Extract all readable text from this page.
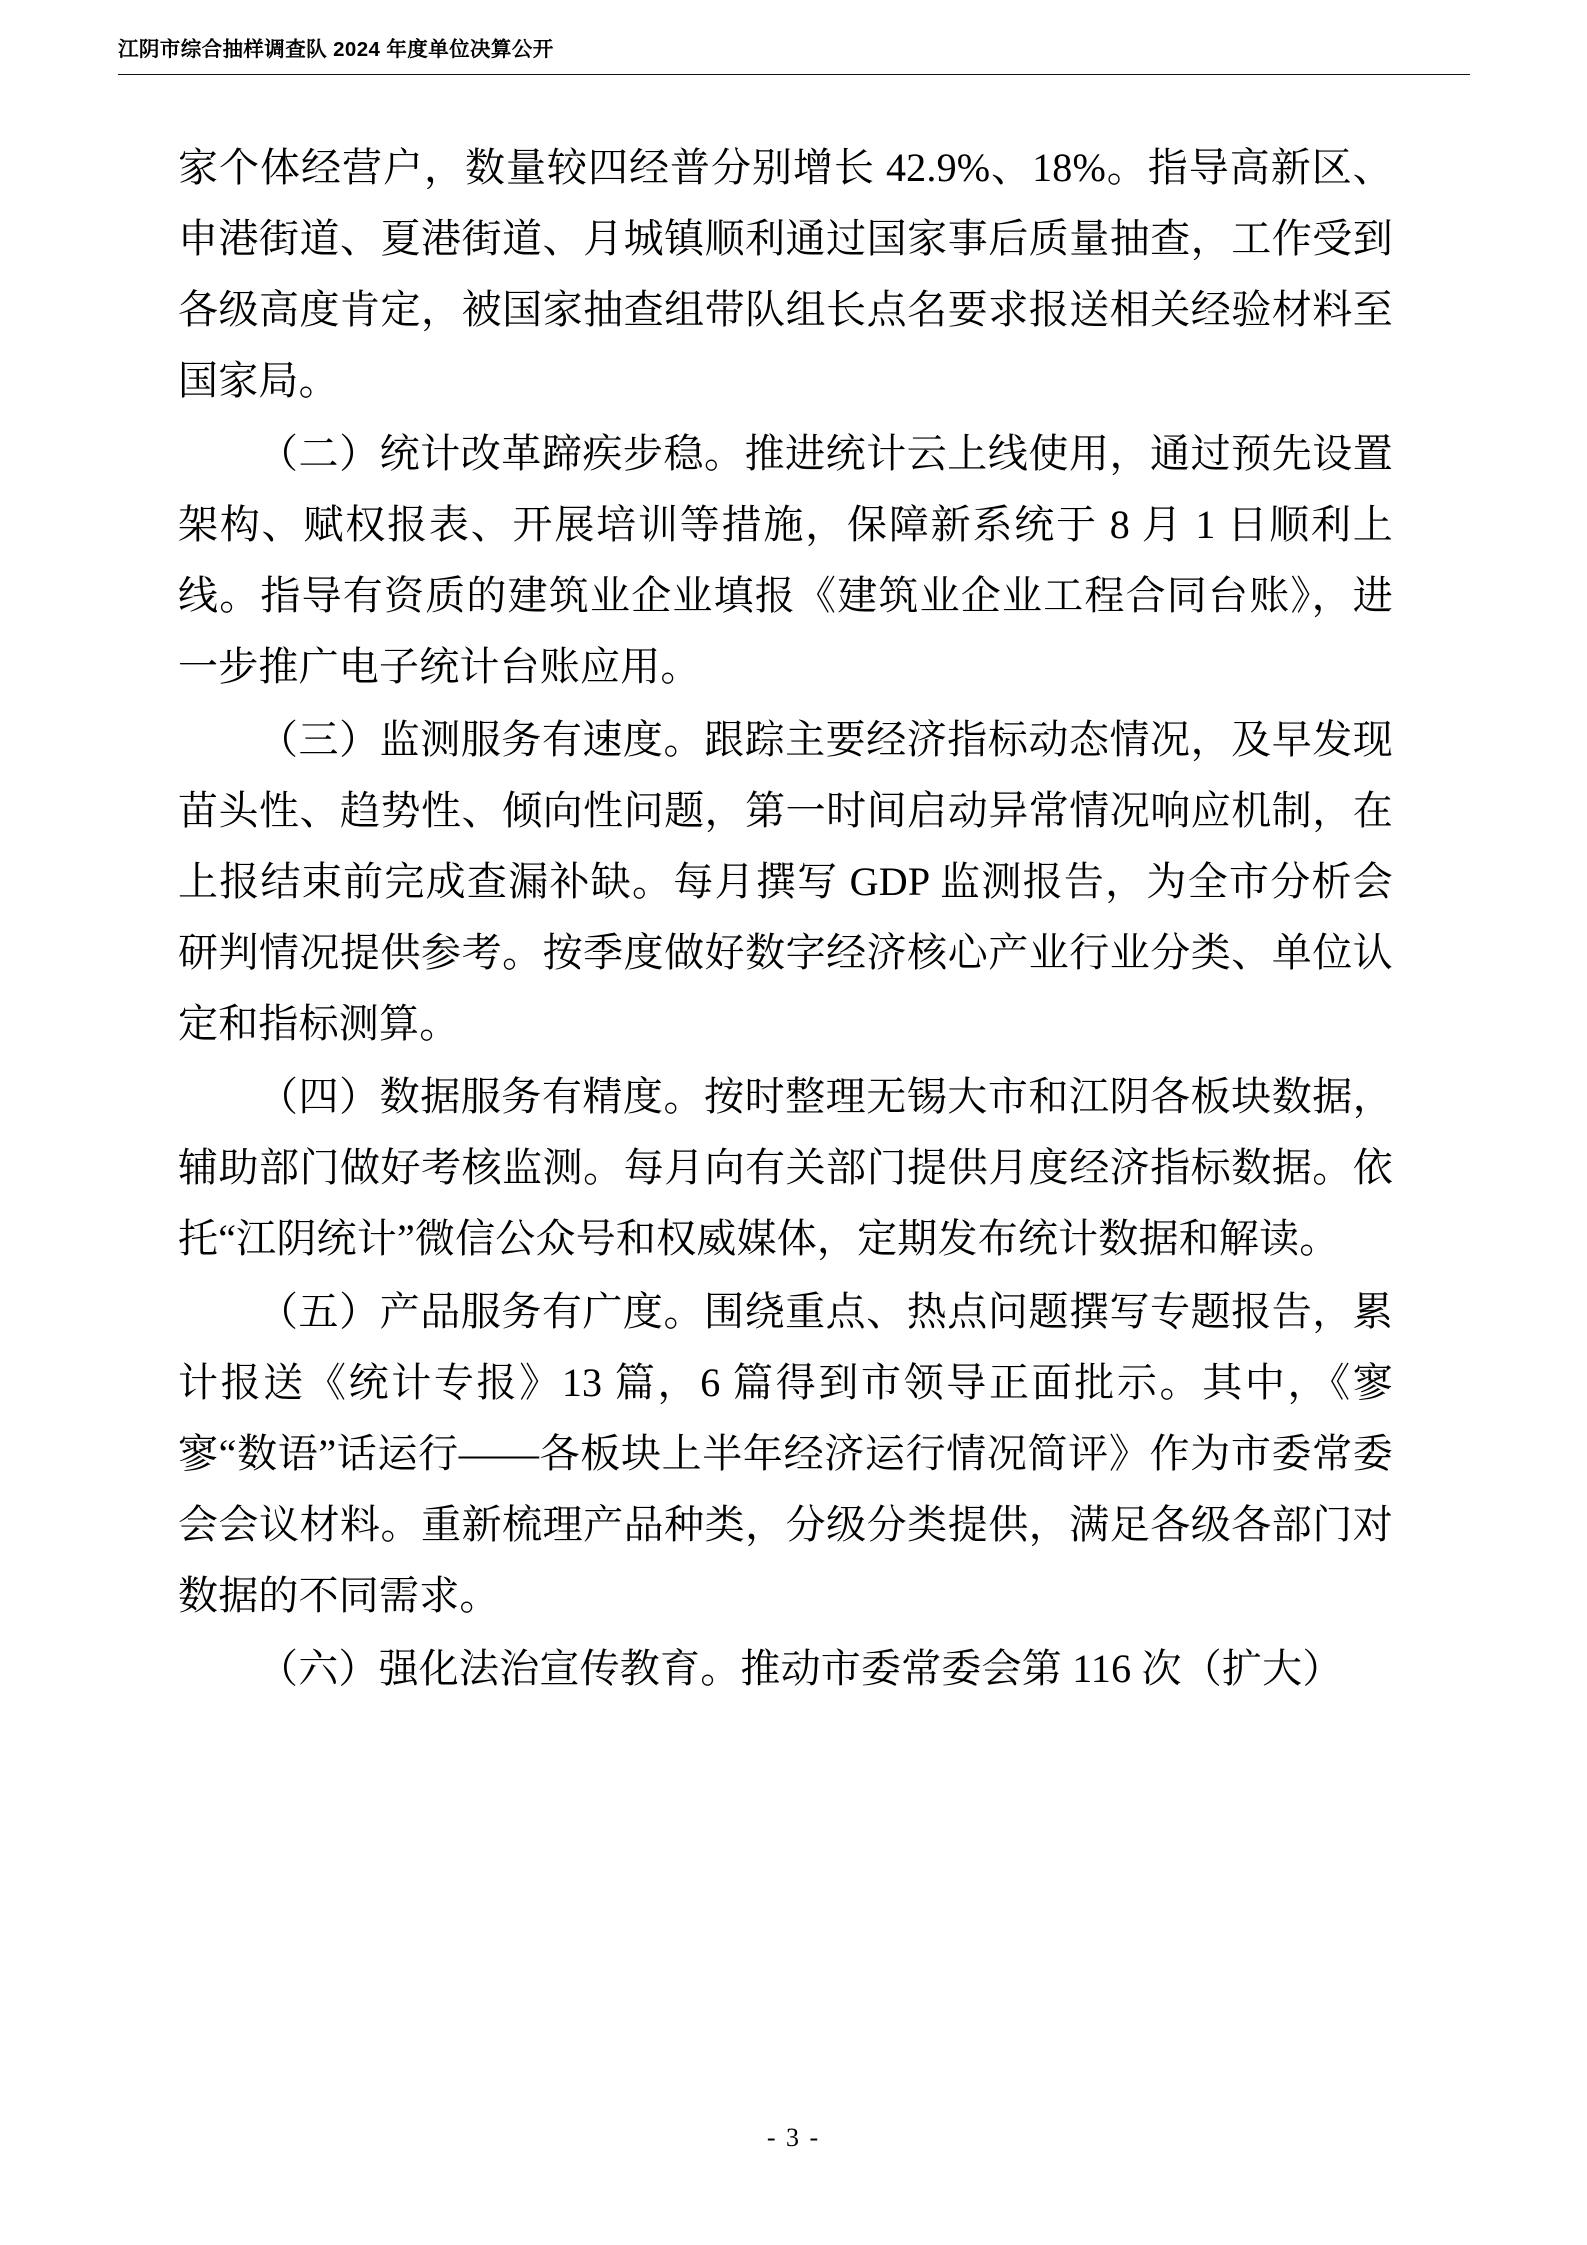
江阴市综合抽样调查队 2024 年度单位决算公开

家个体经营户，数量较四经普分别增长 42.9%、18%。指导高新区、申港街道、夏港街道、月城镇顺利通过国家事后质量抽查，工作受到各级高度肯定，被国家抽查组带队组长点名要求报送相关经验材料至国家局。

（二）统计改革蹄疾步稳。推进统计云上线使用，通过预先设置架构、赋权报表、开展培训等措施，保障新系统于 8 月 1 日顺利上线。指导有资质的建筑业企业填报《建筑业企业工程合同台账》，进一步推广电子统计台账应用。

（三）监测服务有速度。跟踪主要经济指标动态情况，及早发现苗头性、趋势性、倾向性问题，第一时间启动异常情况响应机制，在上报结束前完成查漏补缺。每月撰写 GDP 监测报告，为全市分析会研判情况提供参考。按季度做好数字经济核心产业行业分类、单位认定和指标测算。

（四）数据服务有精度。按时整理无锡大市和江阴各板块数据，辅助部门做好考核监测。每月向有关部门提供月度经济指标数据。依托“江阴统计”微信公众号和权威媒体，定期发布统计数据和解读。

（五）产品服务有广度。围绕重点、热点问题撰写专题报告，累计报送《统计专报》13 篇，6 篇得到市领导正面批示。其中，《寥寥“数语”话运行——各板块上半年经济运行情况简评》作为市委常委会会议材料。重新梳理产品种类，分级分类提供，满足各级各部门对数据的不同需求。

（六）强化法治宣传教育。推动市委常委会第 116 次（扩大）

- 3 -
